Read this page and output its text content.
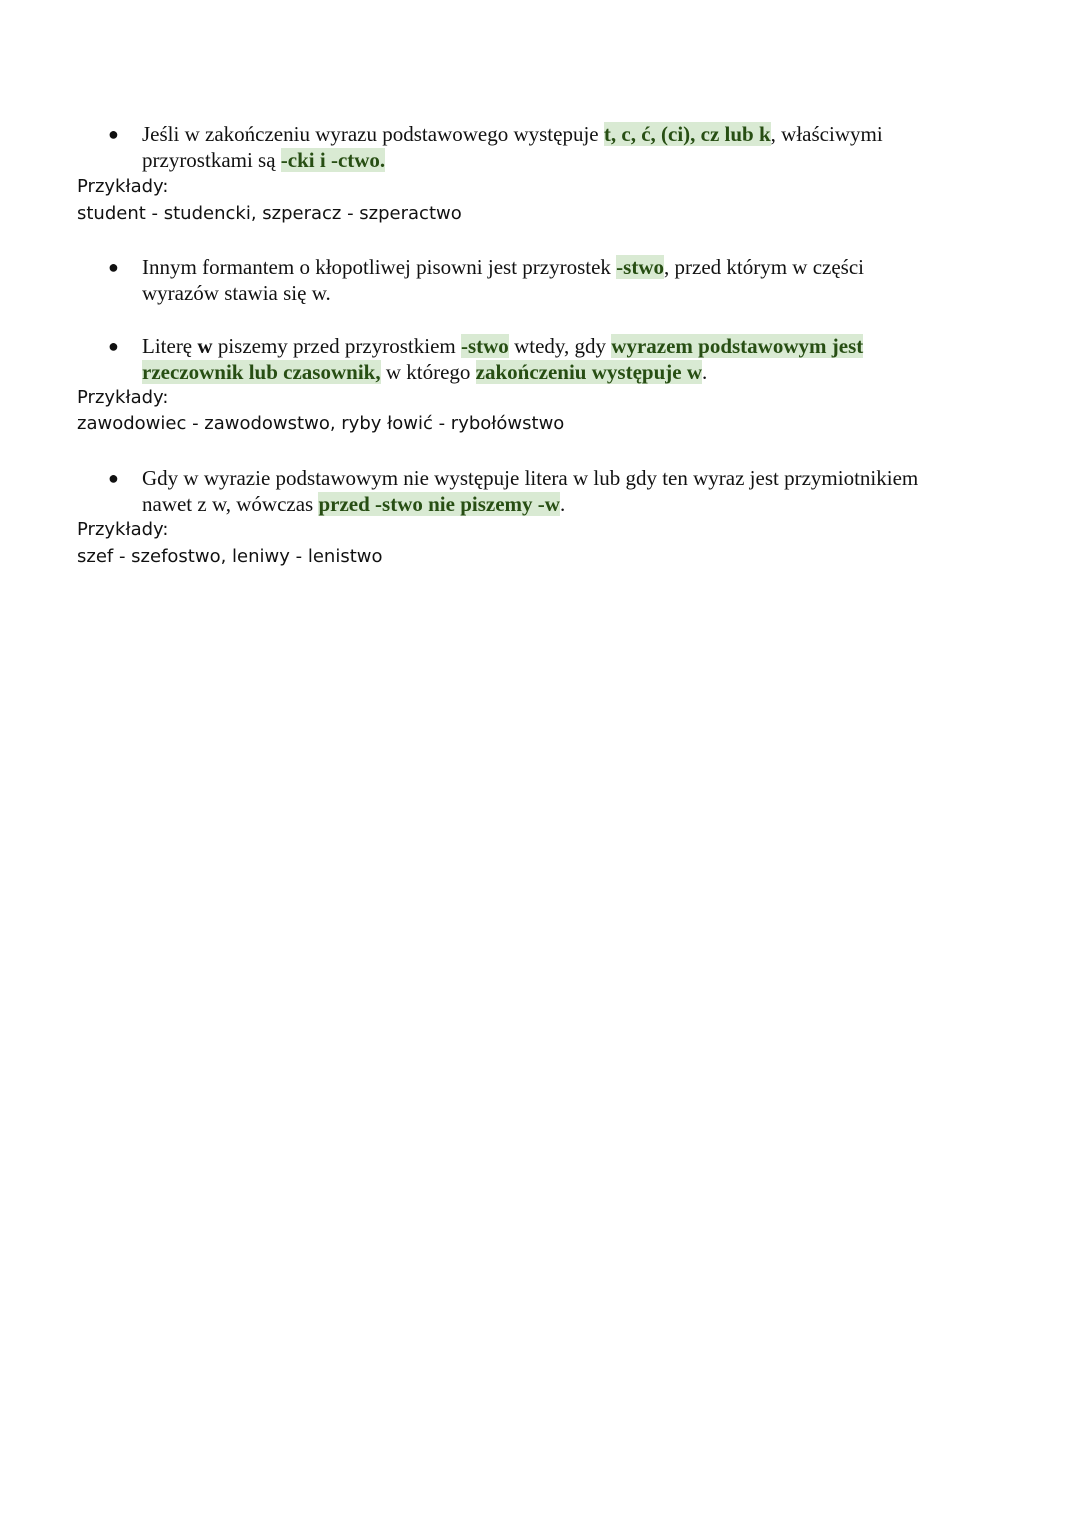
●	Jeśli w zakończeniu wyrazu podstawowego występuje t, c, ć, (ci), cz lub k, właściwymi przyrostkami są -cki i -ctwo.
Przykłady:
student - studencki, szperacz - szperactwo
●	Innym formantem o kłopotliwej pisowni jest przyrostek -stwo, przed którym w części wyrazów stawia się w.
●	Literę w piszemy przed przyrostkiem -stwo wtedy, gdy wyrazem podstawowym jest rzeczownik lub czasownik, w którego zakończeniu występuje w.
Przykłady:
zawodowiec - zawodowstwo, ryby łowić - rybołówstwo
●	Gdy w wyrazie podstawowym nie występuje litera w lub gdy ten wyraz jest przymiotnikiem nawet z w, wówczas przed -stwo nie piszemy -w.
Przykłady:
szef - szefostwo, leniwy - lenistwo
